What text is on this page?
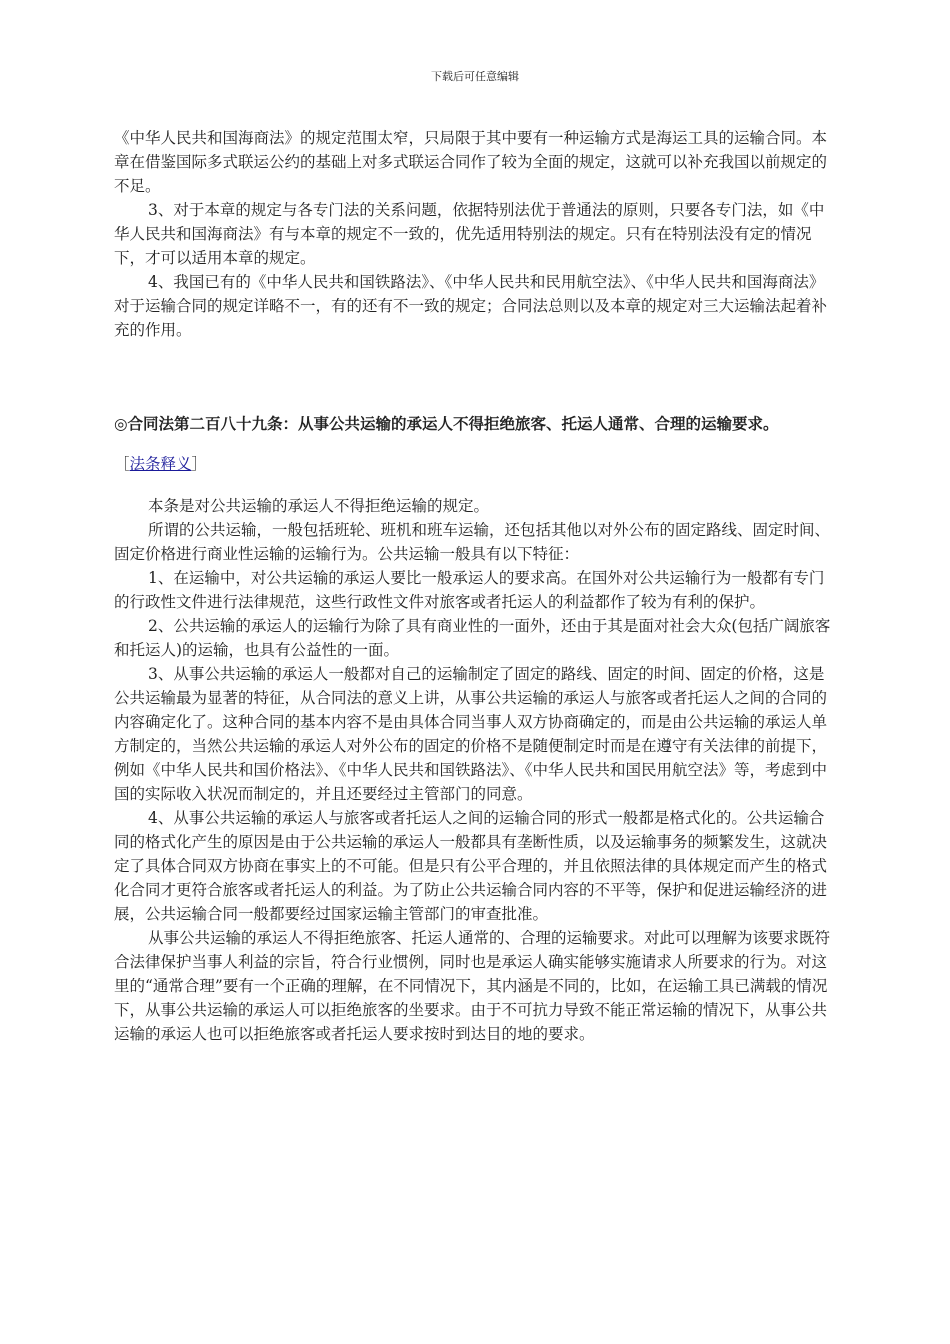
下载后可任意编辑

《中华人民共和国海商法》的规定范围太窄，只局限于其中要有一种运输方式是海运工具的运输合同。本章在借鉴国际多式联运公约的基础上对多式联运合同作了较为全面的规定，这就可以补充我国以前规定的不足。

3、对于本章的规定与各专门法的关系问题，依据特别法优于普通法的原则，只要各专门法，如《中华人民共和国海商法》有与本章的规定不一致的，优先适用特别法的规定。只有在特别法没有定的情况下，才可以适用本章的规定。

4、我国已有的《中华人民共和国铁路法》、《中华人民共和民用航空法》、《中华人民共和国海商法》对于运输合同的规定详略不一，有的还有不一致的规定；合同法总则以及本章的规定对三大运输法起着补充的作用。

◎合同法第二百八十九条：从事公共运输的承运人不得拒绝旅客、托运人通常、合理的运输要求。

［法条释义］

本条是对公共运输的承运人不得拒绝运输的规定。

所谓的公共运输，一般包括班轮、班机和班车运输，还包括其他以对外公布的固定路线、固定时间、固定价格进行商业性运输的运输行为。公共运输一般具有以下特征：

1、在运输中，对公共运输的承运人要比一般承运人的要求高。在国外对公共运输行为一般都有专门的行政性文件进行法律规范，这些行政性文件对旅客或者托运人的利益都作了较为有利的保护。

2、公共运输的承运人的运输行为除了具有商业性的一面外，还由于其是面对社会大众(包括广阔旅客和托运人)的运输，也具有公益性的一面。

3、从事公共运输的承运人一般都对自己的运输制定了固定的路线、固定的时间、固定的价格，这是公共运输最为显著的特征，从合同法的意义上讲，从事公共运输的承运人与旅客或者托运人之间的合同的内容确定化了。这种合同的基本内容不是由具体合同当事人双方协商确定的，而是由公共运输的承运人单方制定的，当然公共运输的承运人对外公布的固定的价格不是随便制定时而是在遵守有关法律的前提下，例如《中华人民共和国价格法》、《中华人民共和国铁路法》、《中华人民共和国民用航空法》等，考虑到中国的实际收入状况而制定的，并且还要经过主管部门的同意。

4、从事公共运输的承运人与旅客或者托运人之间的运输合同的形式一般都是格式化的。公共运输合同的格式化产生的原因是由于公共运输的承运人一般都具有垄断性质，以及运输事务的频繁发生，这就决定了具体合同双方协商在事实上的不可能。但是只有公平合理的，并且依照法律的具体规定而产生的格式化合同才更符合旅客或者托运人的利益。为了防止公共运输合同内容的不平等，保护和促进运输经济的进展，公共运输合同一般都要经过国家运输主管部门的审查批准。

从事公共运输的承运人不得拒绝旅客、托运人通常的、合理的运输要求。对此可以理解为该要求既符合法律保护当事人利益的宗旨，符合行业惯例，同时也是承运人确实能够实施请求人所要求的行为。对这里的“通常合理”要有一个正确的理解，在不同情况下，其内涵是不同的，比如，在运输工具已满载的情况下，从事公共运输的承运人可以拒绝旅客的坐要求。由于不可抗力导致不能正常运输的情况下，从事公共运输的承运人也可以拒绝旅客或者托运人要求按时到达目的地的要求。
